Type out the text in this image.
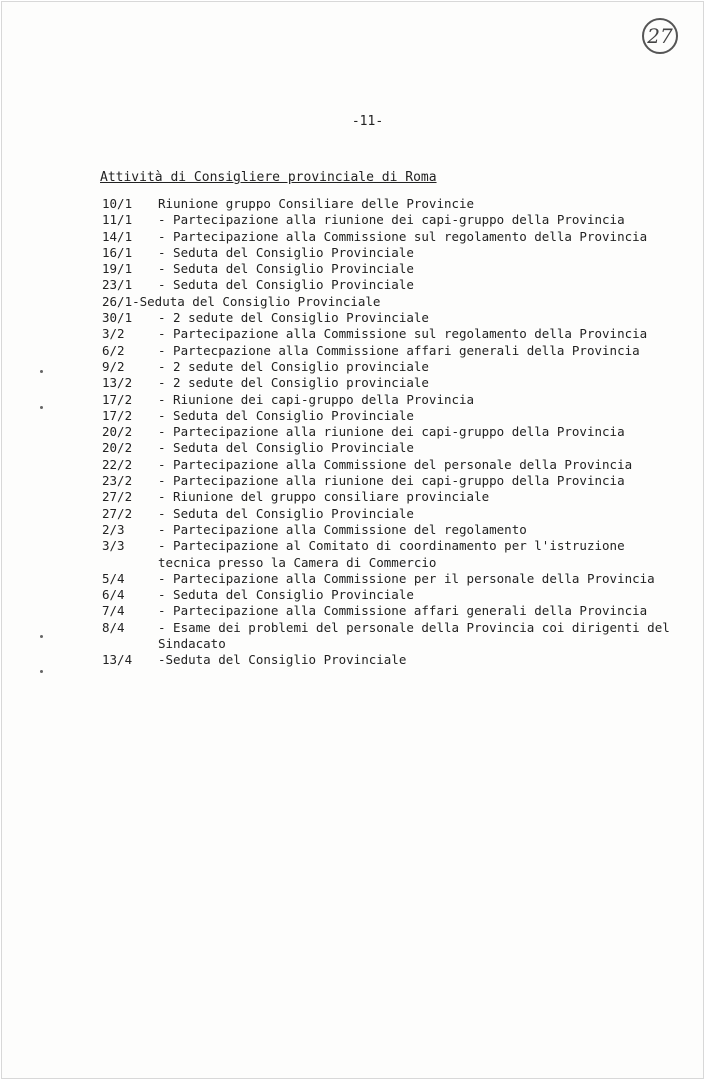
27
-11-
Attività di Consigliere provinciale di Roma
10/1	Riunione gruppo Consiliare delle Provincie
11/1	- Partecipazione alla riunione dei capi-gruppo della Provincia
14/1	- Partecipazione alla Commissione sul regolamento della Provincia
16/1	- Seduta del Consiglio Provinciale
19/1	- Seduta del Consiglio Provinciale
23/1	- Seduta del Consiglio Provinciale
26/1-Seduta del Consiglio Provinciale
30/1	- 2 sedute del Consiglio Provinciale
3/2	- Partecipazione alla Commissione sul regolamento della Provincia
6/2	- Partecpazione alla Commissione affari generali della Provincia
9/2	- 2 sedute del Consiglio provinciale
13/2	- 2 sedute del Consiglio provinciale
17/2	- Riunione dei capi-gruppo della Provincia
17/2	- Seduta del Consiglio Provinciale
20/2	- Partecipazione alla riunione dei capi-gruppo della Provincia
20/2	- Seduta del Consiglio Provinciale
22/2	- Partecipazione alla Commissione del personale della Provincia
23/2	- Partecipazione alla riunione dei capi-gruppo della Provincia
27/2	- Riunione del gruppo consiliare provinciale
27/2	- Seduta del Consiglio Provinciale
2/3	- Partecipazione alla Commissione del regolamento
3/3	- Partecipazione al Comitato di coordinamento per l'istruzione tecnica presso la Camera di Commercio
5/4	- Partecipazione alla Commissione per il personale della Provincia
6/4	- Seduta del Consiglio Provinciale
7/4	- Partecipazione alla Commissione affari generali della Provincia
8/4	- Esame dei problemi del personale della Provincia coi dirigenti del Sindacato
13/4	-Seduta del Consiglio Provinciale
